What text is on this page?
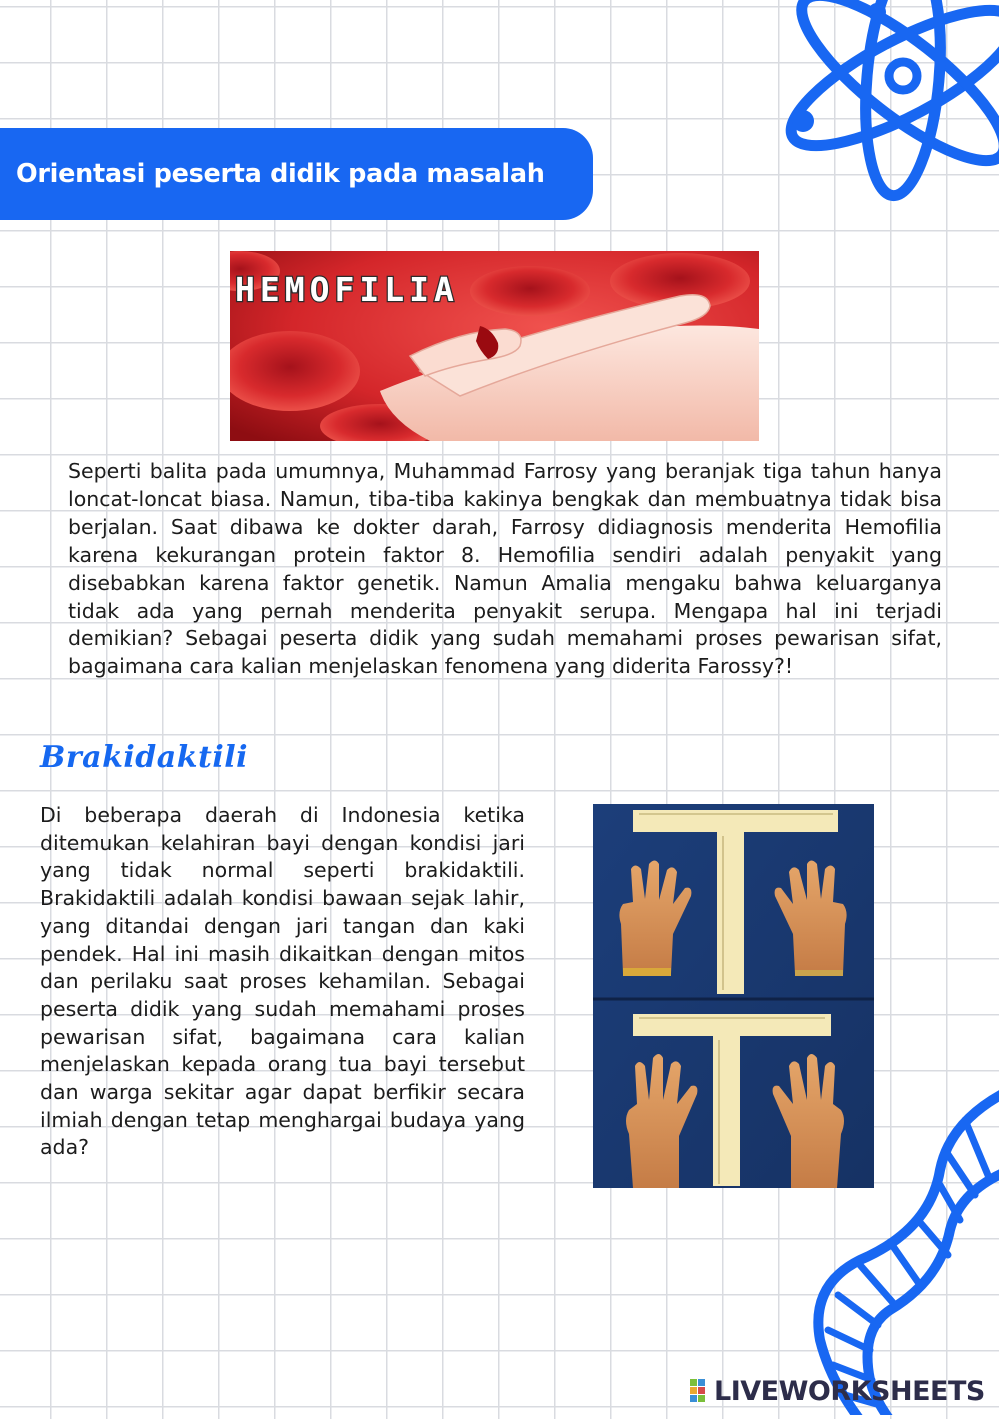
Orientasi peserta didik pada masalah
HEMOFILIA

Seperti balita pada umumnya, Muhammad Farrosy yang beranjak tiga tahun hanya loncat-loncat biasa. Namun, tiba-tiba kakinya bengkak dan membuatnya tidak bisa berjalan. Saat dibawa ke dokter darah, Farrosy didiagnosis menderita Hemofilia karena kekurangan protein faktor 8. Hemofilia sendiri adalah penyakit yang disebabkan karena faktor genetik. Namun Amalia mengaku bahwa keluarganya tidak ada yang pernah menderita penyakit serupa. Mengapa hal ini terjadi demikian? Sebagai peserta didik yang sudah memahami proses pewarisan sifat, bagaimana cara kalian menjelaskan fenomena yang diderita Farossy?!

Brakidaktili

Di beberapa daerah di Indonesia ketika ditemukan kelahiran bayi dengan kondisi jari yang tidak normal seperti brakidaktili. Brakidaktili adalah kondisi bawaan sejak lahir, yang ditandai dengan jari tangan dan kaki pendek. Hal ini masih dikaitkan dengan mitos dan perilaku saat proses kehamilan. Sebagai peserta didik yang sudah memahami proses pewarisan sifat, bagaimana cara kalian menjelaskan kepada orang tua bayi tersebut dan warga sekitar agar dapat berfikir secara ilmiah dengan tetap menghargai budaya yang ada?

LIVEWORKSHEETS
